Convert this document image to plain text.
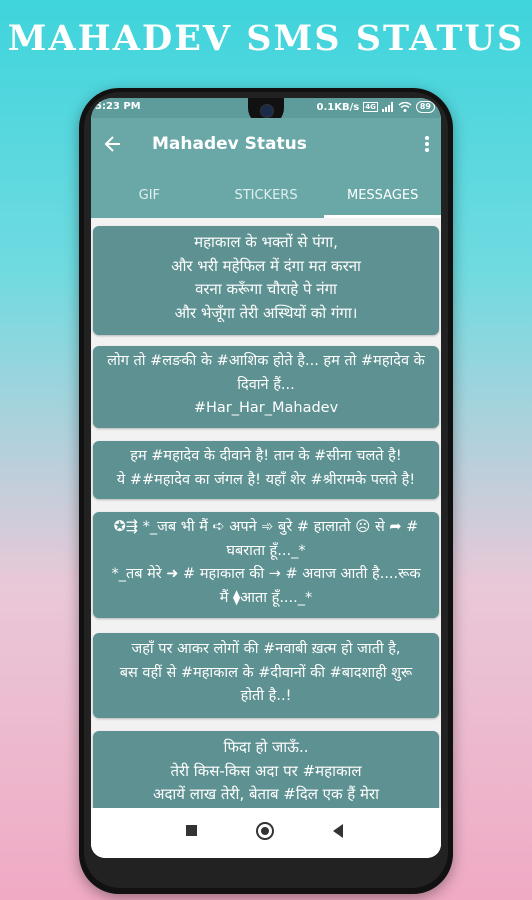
MAHADEV SMS STATUS
5:23 PM	0.1KB/s 4G	89
Mahadev Status
GIF	STICKERS	MESSAGES
महाकाल के भक्तों से पंगा,
और भरी महेफिल में दंगा मत करना
वरना करूँगा चौराहे पे नंगा
और भेजूँगा तेरी अस्थियों को गंगा।
लोग तो #लङकी के #आशिक होते है... हम तो #महादेव के
दिवाने हैं...
#Har_Har_Mahadev
हम #महादेव के दीवाने है! तान के #सीना चलते है!
ये ##महादेव का जंगल है! यहाँ शेर #श्रीरामके पलते है!
✪⇶ *_जब भी मैं ➪ अपने ➾ बुरे # हालातो ☹ से ➦ #
घबराता हूँ..._*
*_तब मेरे ➜ # महाकाल की → # अवाज आती है....रूक
मैं ⧫आता हूँ...._*
जहाँ पर आकर लोगों की #नवाबी ख़त्म हो जाती है,
बस वहीं से #महाकाल के #दीवानों की #बादशाही शुरू
होती है..!
फिदा हो जाऊँ..
तेरी किस-किस अदा पर #महाकाल
अदायें लाख तेरी, बेताब #दिल एक हैं मेरा
